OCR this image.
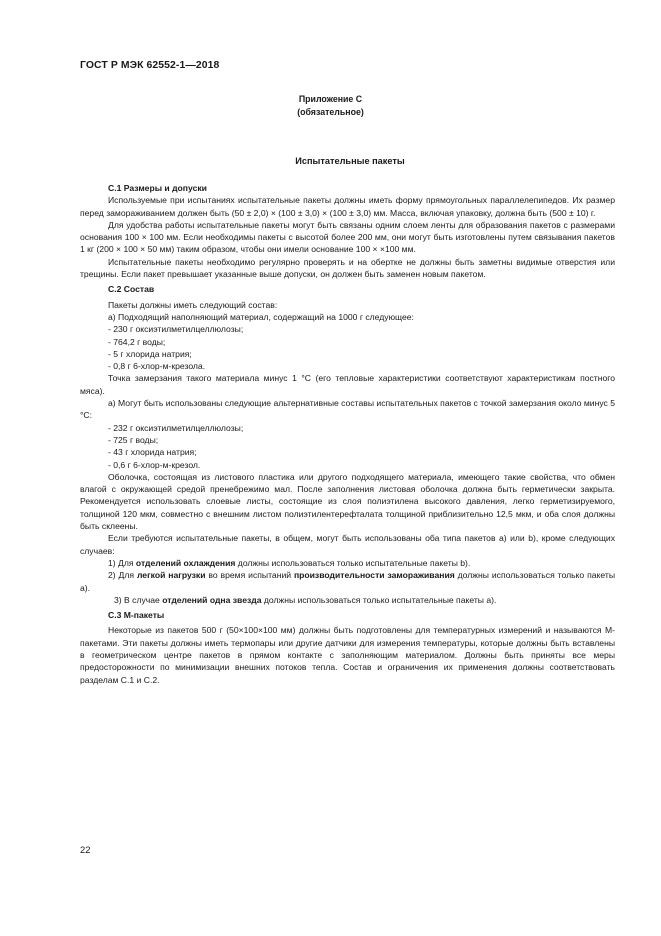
ГОСТ Р МЭК 62552-1—2018
Приложение С
(обязательное)
Испытательные пакеты
С.1 Размеры и допуски
Используемые при испытаниях испытательные пакеты должны иметь форму прямоугольных параллелепипедов. Их размер перед замораживанием должен быть (50 ± 2,0) × (100 ± 3,0) × (100 ± 3,0) мм. Масса, включая упаковку, должна быть (500 ± 10) г.
Для удобства работы испытательные пакеты могут быть связаны одним слоем ленты для образования пакетов с размерами основания 100 × 100 мм. Если необходимы пакеты с высотой более 200 мм, они могут быть изготовлены путем связывания пакетов 1 кг (200 × 100 × 50 мм) таким образом, чтобы они имели основание 100 × ×100 мм.
Испытательные пакеты необходимо регулярно проверять и на обертке не должны быть заметны видимые отверстия или трещины. Если пакет превышает указанные выше допуски, он должен быть заменен новым пакетом.
С.2 Состав
Пакеты должны иметь следующий состав:
а) Подходящий наполняющий материал, содержащий на 1000 г следующее:
- 230 г оксиэтилметилцеллюлозы;
- 764,2 г воды;
- 5 г хлорида натрия;
- 0,8 г 6-хлор-м-крезола.
Точка замерзания такого материала минус 1 °С (его тепловые характеристики соответствуют характеристикам постного мяса).
а) Могут быть использованы следующие альтернативные составы испытательных пакетов с точкой замерзания около минус 5 °С:
- 232 г оксиэтилметилцеллюлозы;
- 725 г воды;
- 43 г хлорида натрия;
- 0,6 г 6-хлор-м-крезол.
Оболочка, состоящая из листового пластика или другого подходящего материала, имеющего такие свойства, что обмен влагой с окружающей средой пренебрежимо мал. После заполнения листовая оболочка должна быть герметически закрыта. Рекомендуется использовать слоевые листы, состоящие из слоя полиэтилена высокого давления, легко герметизируемого, толщиной 120 мкм, совместно с внешним листом полиэтилентерефталата толщиной приблизительно 12,5 мкм, и оба слоя должны быть склеены.
Если требуются испытательные пакеты, в общем, могут быть использованы оба типа пакетов а) или b), кроме следующих случаев:
1) Для отделений охлаждения должны использоваться только испытательные пакеты b).
2) Для легкой нагрузки во время испытаний производительности замораживания должны использоваться только пакеты а).
3) В случае отделений одна звезда должны использоваться только испытательные пакеты а).
С.3 М-пакеты
Некоторые из пакетов 500 г (50×100×100 мм) должны быть подготовлены для температурных измерений и называются М-пакетами. Эти пакеты должны иметь термопары или другие датчики для измерения температуры, которые должны быть вставлены в геометрическом центре пакетов в прямом контакте с заполняющим материалом. Должны быть приняты все меры предосторожности по минимизации внешних потоков тепла. Состав и ограничения их применения должны соответствовать разделам С.1 и С.2.
22
